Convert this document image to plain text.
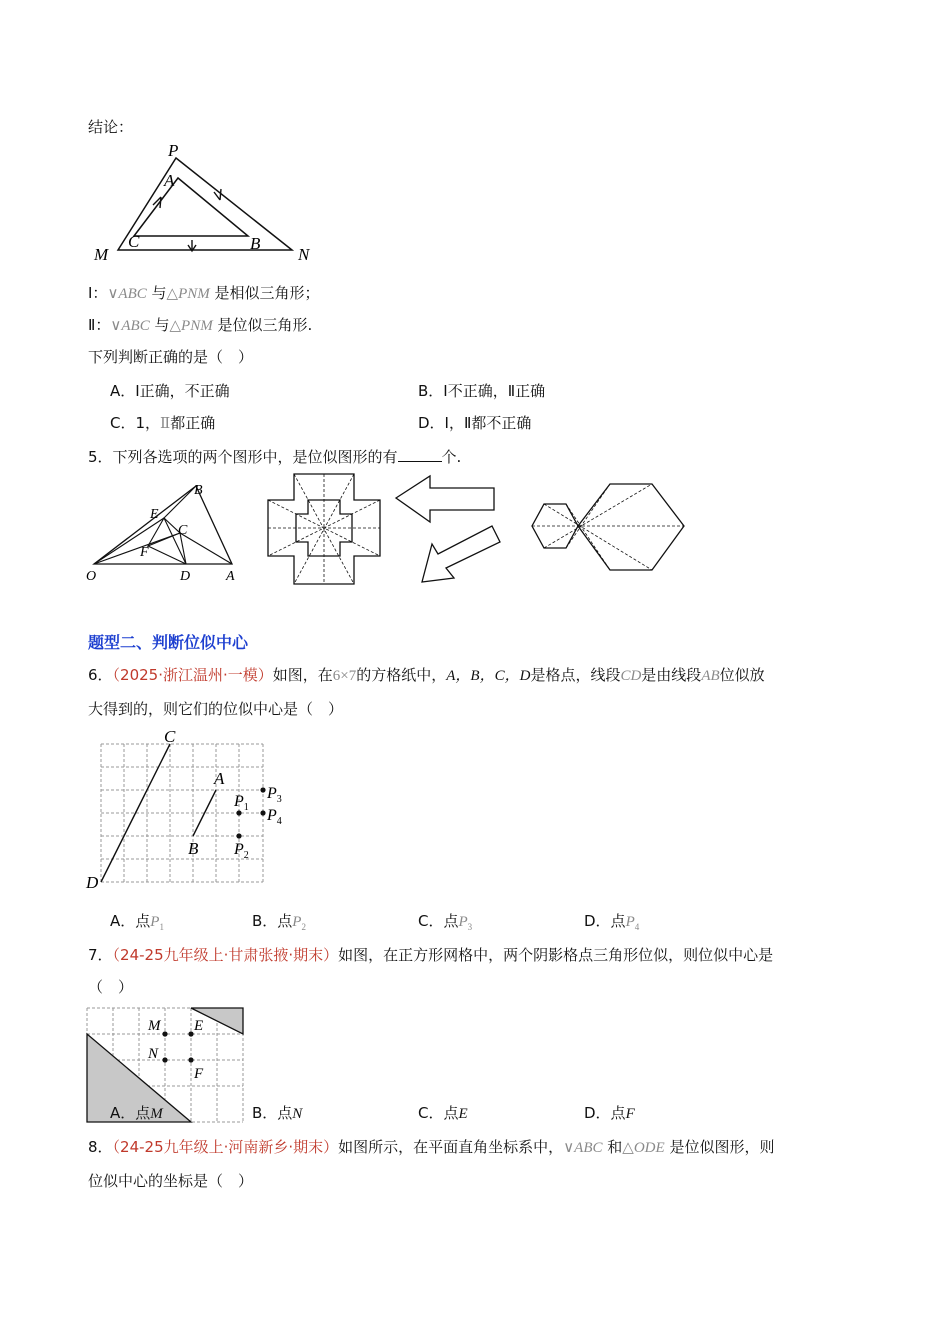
结论：
P
A
C	B
M	N
Ⅰ：∨ABC 与△PNM 是相似三角形；
Ⅱ：∨ABC 与△PNM 是位似三角形.
下列判断正确的是（　）
A．Ⅰ正确，不正确	B．Ⅰ不正确，Ⅱ正确
C．1，Ⅱ都正确	D．Ⅰ，Ⅱ都不正确
5．下列各选项的两个图形中，是位似图形的有	个.
B
E
C
F
O	D	A
题型二、判断位似中心
6．（2025·浙江温州·一模）如图，在6×7的方格纸中，A，B，C，D是格点，线段CD是由线段AB位似放
大得到的，则它们的位似中心是（　）
C
A
B
D
$P_1$
$P_3$
$P_4$
$P_2$
A．点$P_1$	B．点$P_2$	C．点$P_3$	D．点$P_4$
7．（24-25九年级上·甘肃张掖·期末）如图，在正方形网格中，两个阴影格点三角形位似，则位似中心是
（　）
M E
N
F
A．点M	B．点N	C．点E	D．点F
8．（24-25九年级上·河南新乡·期末）如图所示，在平面直角坐标系中，∨ABC 和△ODE 是位似图形，则
位似中心的坐标是（　）
